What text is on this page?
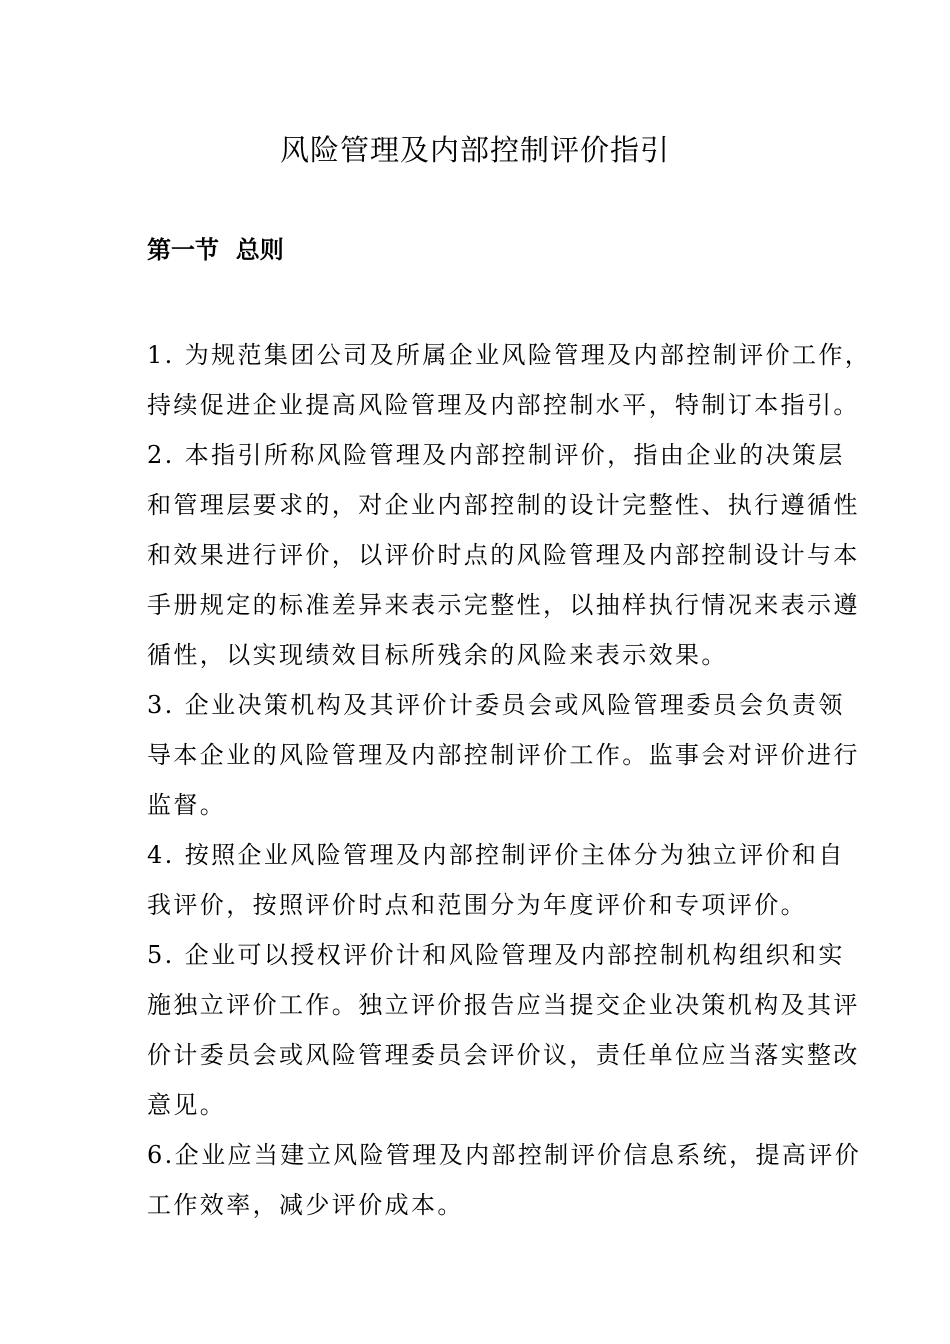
风险管理及内部控制评价指引
第一节  总则

1. 为规范集团公司及所属企业风险管理及内部控制评价工作，
持续促进企业提高风险管理及内部控制水平，特制订本指引。

2. 本指引所称风险管理及内部控制评价，指由企业的决策层
和管理层要求的，对企业内部控制的设计完整性、执行遵循性
和效果进行评价，以评价时点的风险管理及内部控制设计与本
手册规定的标准差异来表示完整性，以抽样执行情况来表示遵
循性，以实现绩效目标所残余的风险来表示效果。

3. 企业决策机构及其评价计委员会或风险管理委员会负责领
导本企业的风险管理及内部控制评价工作。监事会对评价进行
监督。

4. 按照企业风险管理及内部控制评价主体分为独立评价和自
我评价，按照评价时点和范围分为年度评价和专项评价。

5. 企业可以授权评价计和风险管理及内部控制机构组织和实
施独立评价工作。独立评价报告应当提交企业决策机构及其评
价计委员会或风险管理委员会评价议，责任单位应当落实整改
意见。

6.企业应当建立风险管理及内部控制评价信息系统，提高评价
工作效率，减少评价成本。
